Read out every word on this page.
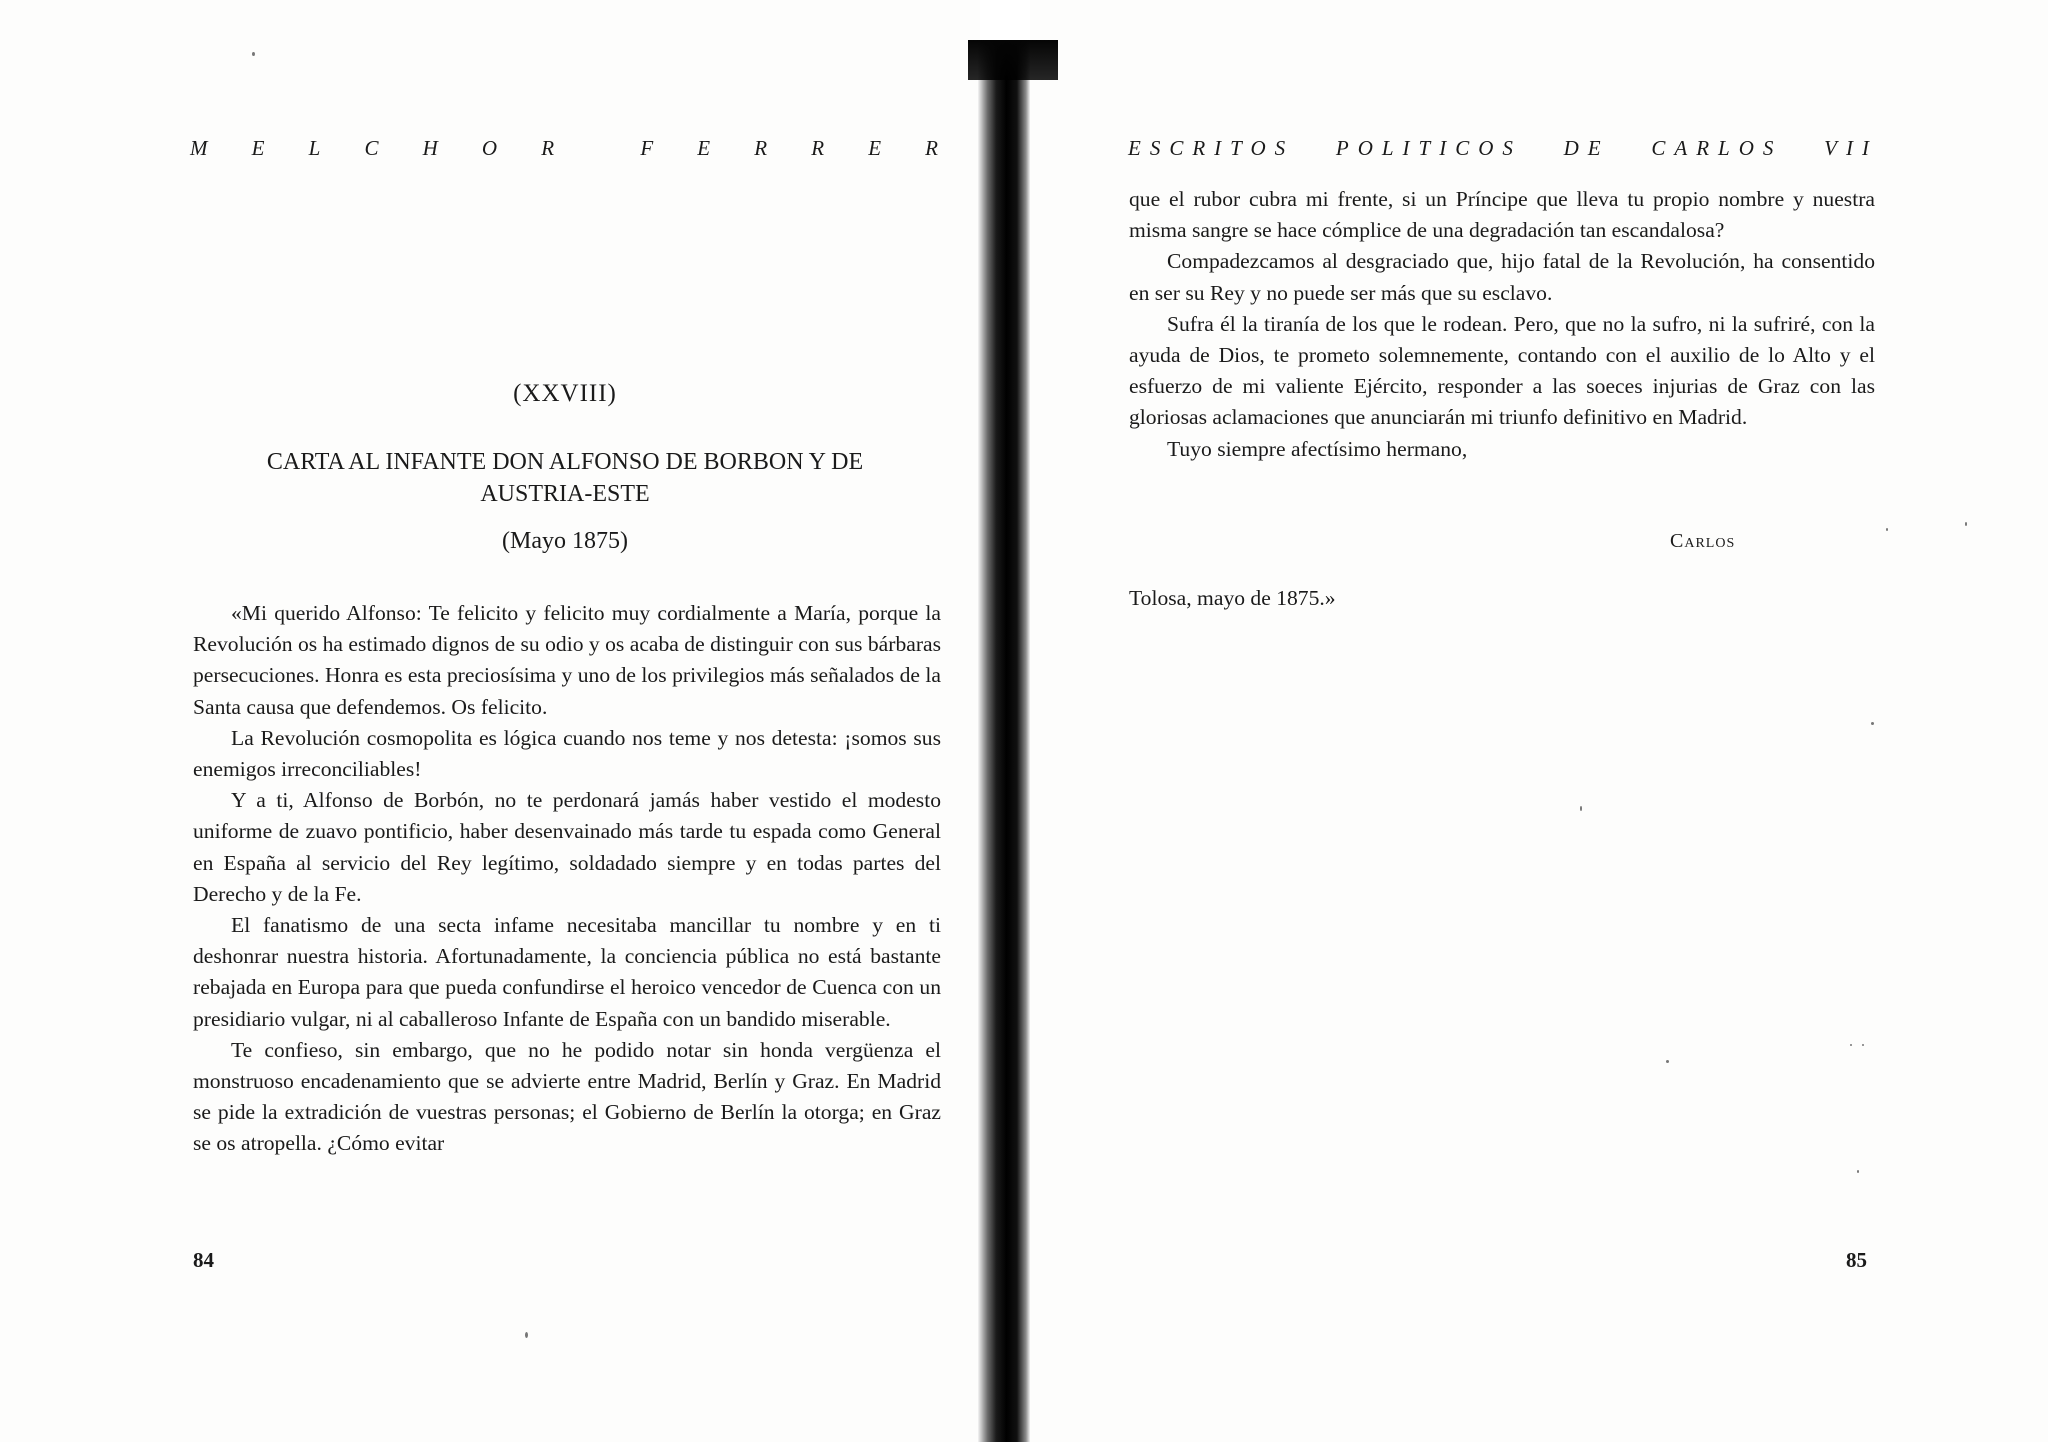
M E L C H O R	F E R R E R	ESCRITOS POLITICOS DE CARLOS VII
(XXVIII)
CARTA AL INFANTE DON ALFONSO DE BORBON Y DE AUSTRIA-ESTE
(Mayo 1875)

«Mi querido Alfonso: Te felicito y felicito muy cordialmente a María, porque la Revolución os ha estimado dignos de su odio y os acaba de distinguir con sus bárbaras persecuciones. Honra es esta preciosísima y uno de los privilegios más señalados de la Santa causa que defendemos. Os felicito.

La Revolución cosmopolita es lógica cuando nos teme y nos detesta: ¡somos sus enemigos irreconciliables!

Y a ti, Alfonso de Borbón, no te perdonará jamás haber vestido el modesto uniforme de zuavo pontificio, haber desenvainado más tarde tu espada como General en España al servicio del Rey legítimo, soldadado siempre y en todas partes del Derecho y de la Fe.

El fanatismo de una secta infame necesitaba mancillar tu nombre y en ti deshonrar nuestra historia. Afortunadamente, la conciencia pública no está bastante rebajada en Europa para que pueda confundirse el heroico vencedor de Cuenca con un presidiario vulgar, ni al caballeroso Infante de España con un bandido miserable.

Te confieso, sin embargo, que no he podido notar sin honda vergüenza el monstruoso encadenamiento que se advierte entre Madrid, Berlín y Graz. En Madrid se pide la extradición de vuestras personas; el Gobierno de Berlín la otorga; en Graz se os atropella. ¿Cómo evitar

que el rubor cubra mi frente, si un Príncipe que lleva tu propio nombre y nuestra misma sangre se hace cómplice de una degradación tan escandalosa?

Compadezcamos al desgraciado que, hijo fatal de la Revolución, ha consentido en ser su Rey y no puede ser más que su esclavo.

Sufra él la tiranía de los que le rodean. Pero, que no la sufro, ni la sufriré, con la ayuda de Dios, te prometo solemnemente, contando con el auxilio de lo Alto y el esfuerzo de mi valiente Ejército, responder a las soeces injurias de Graz con las gloriosas aclamaciones que anunciarán mi triunfo definitivo en Madrid.

Tuyo siempre afectísimo hermano,

Carlos
Tolosa, mayo de 1875.»
84	85
